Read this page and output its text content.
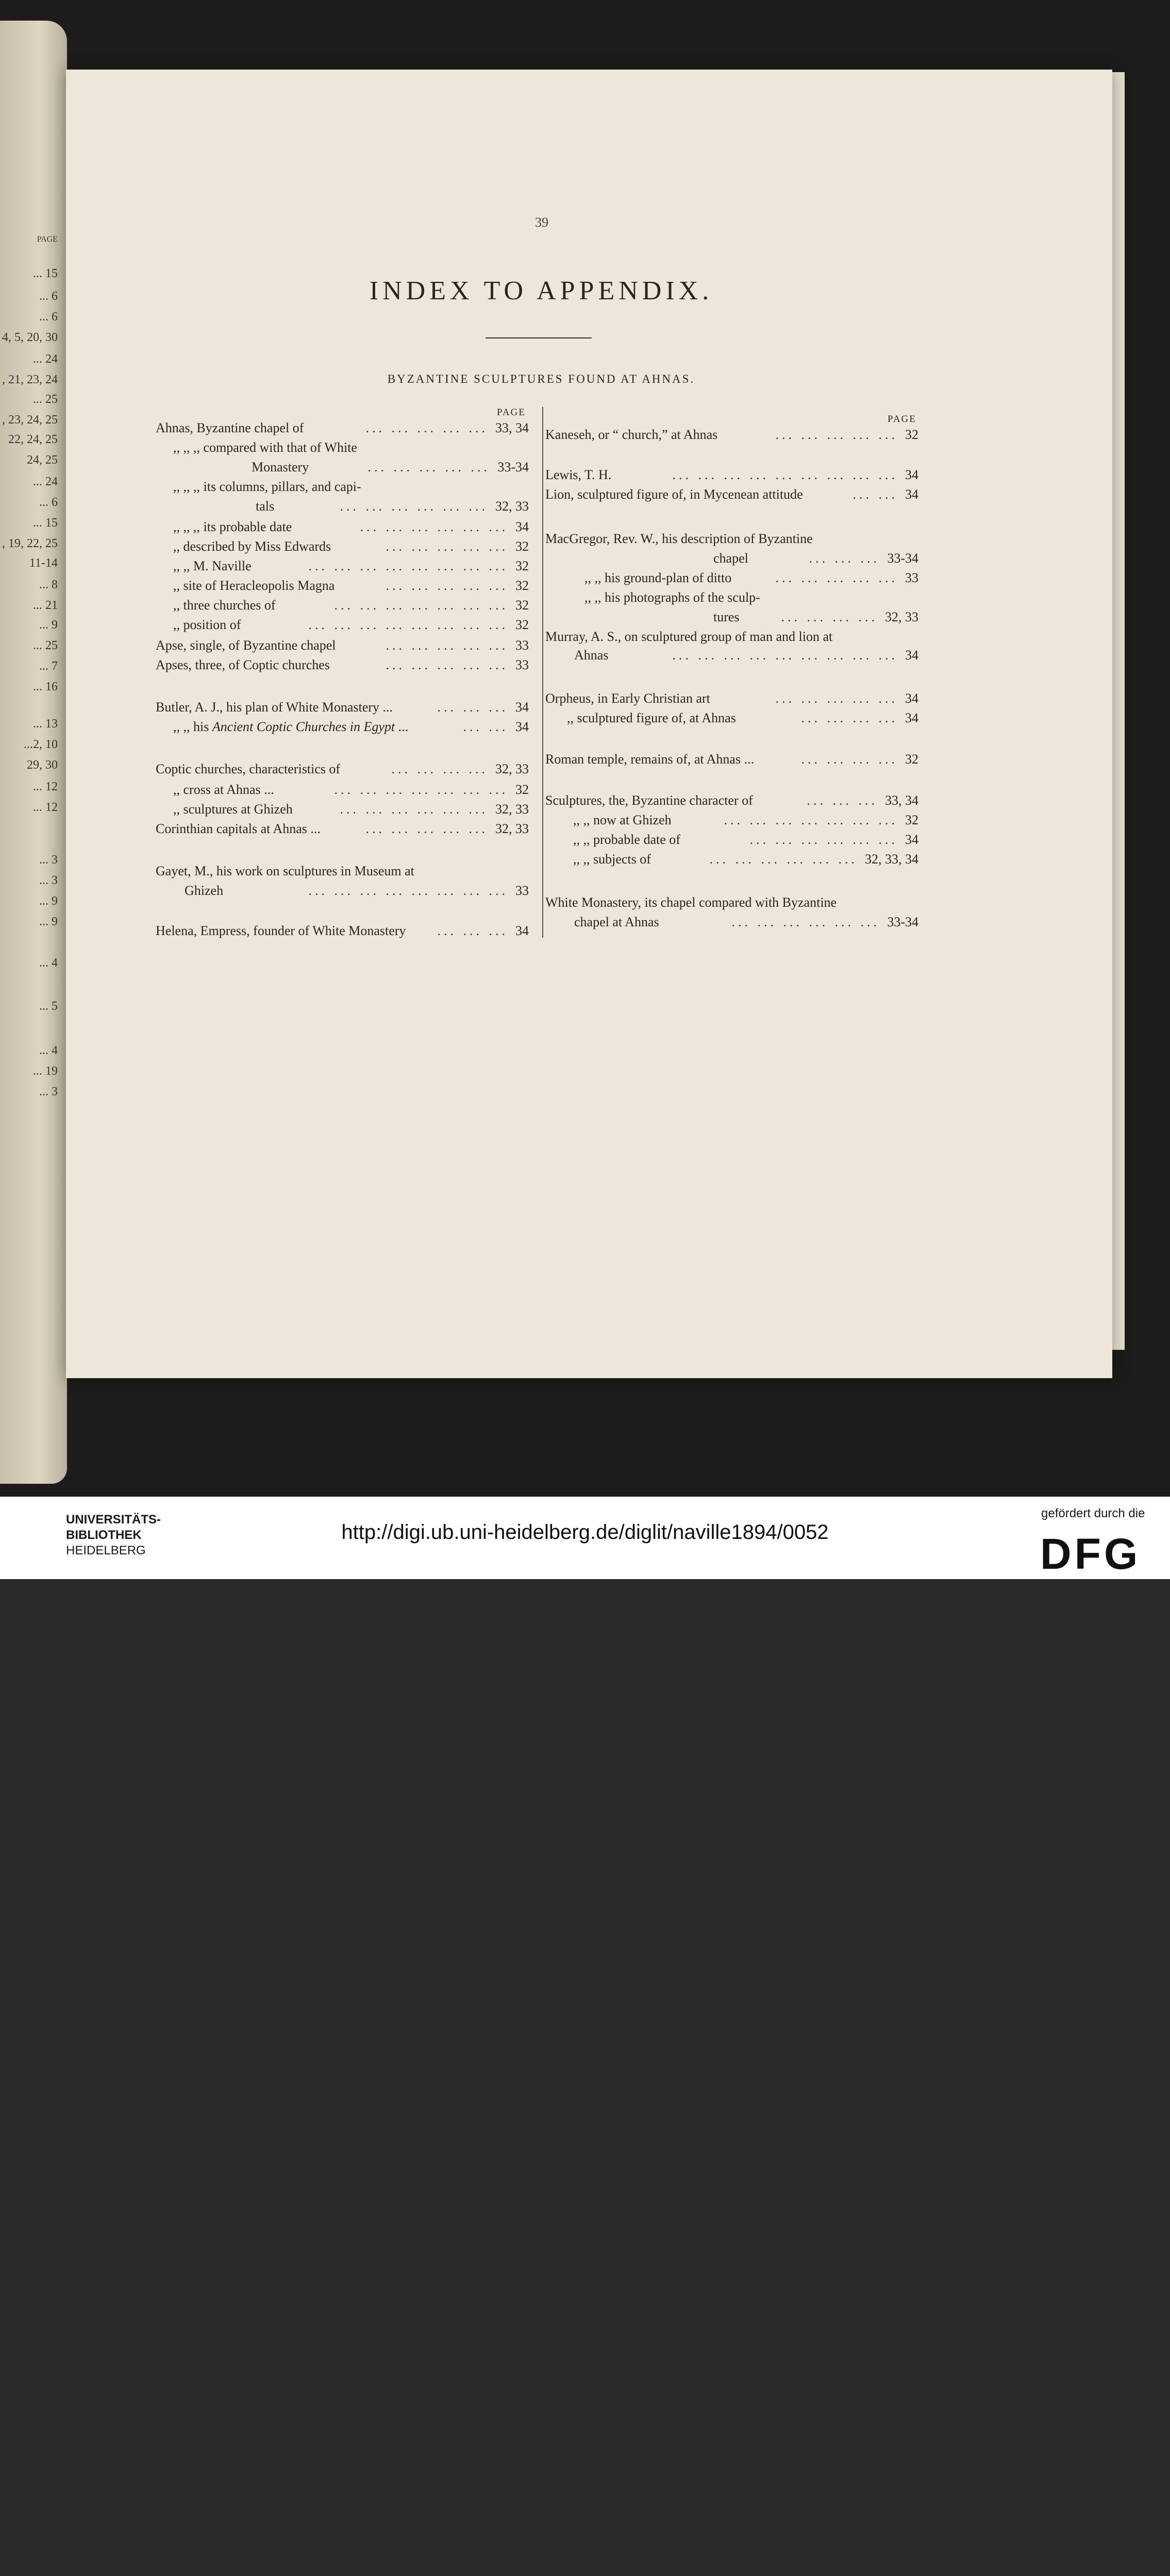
PAGE
... 15
... 6
... 6
4, 5, 20, 30
... 24
, 21, 23, 24
... 25
, 23, 24, 25
22, 24, 25
24, 25
... 24
... 6
... 15
, 19, 22, 25
11-14
... 8
... 21
... 9
... 25
... 7
... 16
... 13
...2, 10
29, 30
... 12
... 12
... 3
... 3
... 9
... 9
... 4
... 5
... 4
... 19
... 3
39
INDEX TO APPENDIX.
BYZANTINE SCULPTURES FOUND AT AHNAS.
PAGE
Ahnas, Byzantine chapel of	33, 34
,, ,, ,, compared with that of White
Monastery	33-34
,, ,, ,, its columns, pillars, and capi-
tals	32, 33
,, ,, ,, its probable date	34
,, described by Miss Edwards	32
,, ,, M. Naville	32
,, site of Heracleopolis Magna	32
,, three churches of	32
,, position of	32
Apse, single, of Byzantine chapel	33
Apses, three, of Coptic churches	33
Butler, A. J., his plan of White Monastery ...	34
,, ,, his Ancient Coptic Churches in Egypt ...	34
Coptic churches, characteristics of	32, 33
,, cross at Ahnas ...	32
,, sculptures at Ghizeh	32, 33
Corinthian capitals at Ahnas ...	32, 33
Gayet, M., his work on sculptures in Museum at
Ghizeh	33
Helena, Empress, founder of White Monastery	34
... ... ... ... ...
... ... ... ... ...
... ... ... ... ... ...
... ... ... ... ... ...
... ... ... ... ...
... ... ... ... ... ... ... ...
... ... ... ... ...
... ... ... ... ... ... ...
... ... ... ... ... ... ... ...
... ... ... ... ...
... ... ... ... ...
... ... ...
... ...
... ... ... ...
... ... ... ... ... ... ...
... ... ... ... ... ...
... ... ... ... ...
... ... ... ... ... ... ... ...
... ... ...
PAGE
Kaneseh, or “ church,” at Ahnas	32
Lewis, T. H.	34
Lion, sculptured figure of, in Mycenean attitude	34
MacGregor, Rev. W., his description of Byzantine
chapel	33-34
,, ,, his ground-plan of ditto	33
,, ,, his photographs of the sculp-
tures	32, 33
Murray, A. S., on sculptured group of man and lion at
Ahnas	34
Orpheus, in Early Christian art	34
,, sculptured figure of, at Ahnas	34
Roman temple, remains of, at Ahnas ...	32
Sculptures, the, Byzantine character of	33, 34
,, ,, now at Ghizeh	32
,, ,, probable date of	34
,, ,, subjects of	32, 33, 34
White Monastery, its chapel compared with Byzantine
chapel at Ahnas	33-34
... ... ... ... ...
... ... ... ... ... ... ... ... ...
... ...
... ... ...
... ... ... ... ...
... ... ... ...
... ... ... ... ... ... ... ... ...
... ... ... ... ...
... ... ... ...
... ... ... ...
... ... ...
... ... ... ... ... ... ...
... ... ... ... ... ...
... ... ... ... ... ...
... ... ... ... ... ...
UNIVERSITÄTS-
BIBLIOTHEK
HEIDELBERG
http://digi.ub.uni-heidelberg.de/diglit/naville1894/0052
gefördert durch die
DFG
